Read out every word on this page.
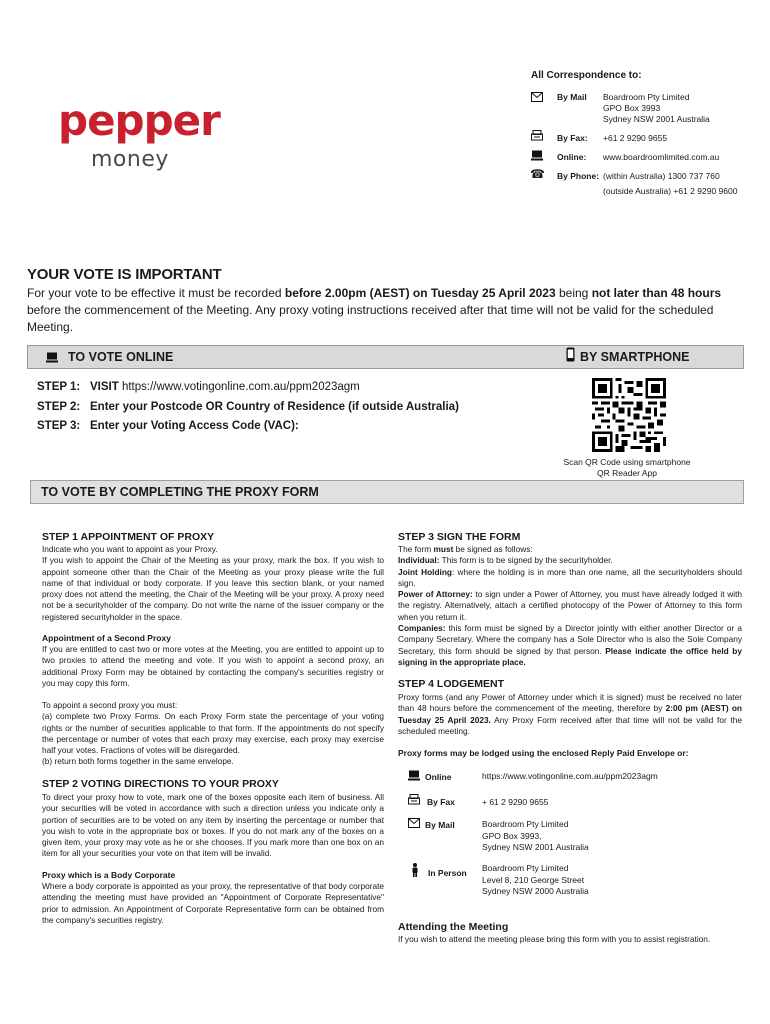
pepper
money
All Correspondence to:
By Mail Boardroom Pty Limited
GPO Box 3993
Sydney NSW 2001 Australia
By Fax: +61 2 9290 9655
Online: www.boardroomlimited.com.au
☎ By Phone: (within Australia) 1300 737 760
(outside Australia) +61 2 9290 9600
YOUR VOTE IS IMPORTANT
For your vote to be effective it must be recorded before 2.00pm (AEST) on Tuesday 25 April 2023 being not later than 48 hours before the commencement of the Meeting. Any proxy voting instructions received after that time will not be valid for the scheduled Meeting.
TO VOTE ONLINE	BY SMARTPHONE
STEP 1: VISIT https://www.votingonline.com.au/ppm2023agm
STEP 2: Enter your Postcode OR Country of Residence (if outside Australia)
STEP 3: Enter your Voting Access Code (VAC):
Scan QR Code using smartphone
QR Reader App
TO VOTE BY COMPLETING THE PROXY FORM
STEP 1 APPOINTMENT OF PROXY
Indicate who you want to appoint as your Proxy.
If you wish to appoint the Chair of the Meeting as your proxy, mark the box. If you wish to appoint someone other than the Chair of the Meeting as your proxy please write the full name of that individual or body corporate. If you leave this section blank, or your named proxy does not attend the meeting, the Chair of the Meeting will be your proxy. A proxy need not be a securityholder of the company. Do not write the name of the issuer company or the registered securityholder in the space.
Appointment of a Second Proxy
If you are entitled to cast two or more votes at the Meeting, you are entitled to appoint up to two proxies to attend the meeting and vote. If you wish to appoint a second proxy, an additional Proxy Form may be obtained by contacting the company's securities registry or you may copy this form.
To appoint a second proxy you must:
(a) complete two Proxy Forms. On each Proxy Form state the percentage of your voting rights or the number of securities applicable to that form. If the appointments do not specify the percentage or number of votes that each proxy may exercise, each proxy may exercise half your votes. Fractions of votes will be disregarded.
(b) return both forms together in the same envelope.
STEP 2 VOTING DIRECTIONS TO YOUR PROXY
To direct your proxy how to vote, mark one of the boxes opposite each item of business. All your securities will be voted in accordance with such a direction unless you indicate only a portion of securities are to be voted on any item by inserting the percentage or number that you wish to vote in the appropriate box or boxes. If you do not mark any of the boxes on a given item, your proxy may vote as he or she chooses. If you mark more than one box on an item for all your securities your vote on that item will be invalid.
Proxy which is a Body Corporate
Where a body corporate is appointed as your proxy, the representative of that body corporate attending the meeting must have provided an "Appointment of Corporate Representative" prior to admission. An Appointment of Corporate Representative form can be obtained from the company's securities registry.
STEP 3 SIGN THE FORM
The form must be signed as follows:
Individual: This form is to be signed by the securityholder.
Joint Holding: where the holding is in more than one name, all the securityholders should sign.
Power of Attorney: to sign under a Power of Attorney, you must have already lodged it with the registry. Alternatively, attach a certified photocopy of the Power of Attorney to this form when you return it.
Companies: this form must be signed by a Director jointly with either another Director or a Company Secretary. Where the company has a Sole Director who is also the Sole Company Secretary, this form should be signed by that person. Please indicate the office held by signing in the appropriate place.
STEP 4 LODGEMENT
Proxy forms (and any Power of Attorney under which it is signed) must be received no later than 48 hours before the commencement of the meeting, therefore by 2:00 pm (AEST) on Tuesday 25 April 2023. Any Proxy Form received after that time will not be valid for the scheduled meeting.
Proxy forms may be lodged using the enclosed Reply Paid Envelope or:
Online	https://www.votingonline.com.au/ppm2023agm
By Fax	+ 61 2 9290 9655
By Mail	Boardroom Pty Limited
GPO Box 3993,
Sydney NSW 2001 Australia
In Person Boardroom Pty Limited
Level 8, 210 George Street
Sydney NSW 2000 Australia
Attending the Meeting
If you wish to attend the meeting please bring this form with you to assist registration.
